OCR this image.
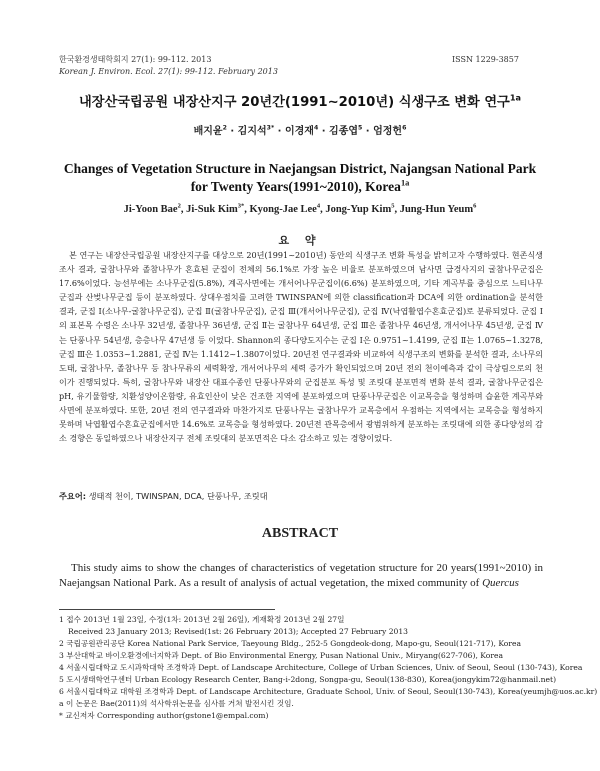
한국환경생태학회지 27(1): 99-112. 2013	ISSN 1229-3857
Korean J. Environ. Ecol. 27(1): 99-112. February 2013
내장산국립공원 내장산지구 20년간(1991∼2010년) 식생구조 변화 연구$^{1a}$
배지윤$^2$ · 김지석$^{3*}$ · 이경재$^4$ · 김종엽$^5$ · 엄정헌$^6$
Changes of Vegetation Structure in Naejangsan District, Najangsan National Park
for Twenty Years(1991~2010), Korea$^{1a}$
Ji-Yoon Bae$^2$, Ji-Suk Kim$^{3*}$, Kyong-Jae Lee$^4$, Jong-Yup Kim$^5$, Jung-Hun Yeum$^6$
요 약
본 연구는 내장산국립공원 내장산지구를 대상으로 20년(1991~2010년) 동안의 식생구조 변화 특성을 밝히고자 수행하였다. 현존식생 조사 결과, 굴참나무와 졸참나무가 혼효된 군집이 전체의 56.1%로 가장 높은 비율로 분포하였으며 남사면 급경사지의 굴참나무군집은 17.6%이었다. 능선부에는 소나무군집(5.8%), 계곡사면에는 개서어나무군집이(6.6%) 분포하였으며, 기타 계곡부를 중심으로 느티나무군집과 산벚나무군집 등이 분포하였다. 상대우점치를 고려한 TWINSPAN에 의한 classification과 DCA에 의한 ordination을 분석한 결과, 군집 Ⅰ(소나무-굴참나무군집), 군집 Ⅱ(굴참나무군집), 군집 Ⅲ(개서어나무군집), 군집 Ⅳ(낙엽활엽수혼효군집)로 분류되었다. 군집 Ⅰ의 표본목 수령은 소나무 32년생, 졸참나무 36년생, 군집 Ⅱ는 굴참나무 64년생, 군집 Ⅲ은 졸참나무 46년생, 개서어나무 45년생, 군집 Ⅳ는 단풍나무 54년생, 층층나무 47년생 등 이었다. Shannon의 종다양도지수는 군집 Ⅰ은 0.9751~1.4199, 군집 Ⅱ는 1.0765~1.3278, 군집 Ⅲ은 1.0353~1.2881, 군집 Ⅳ는 1.1412~1.3807이었다. 20년전 연구결과와 비교하여 식생구조의 변화를 분석한 결과, 소나무의 도태, 굴참나무, 졸참나무 등 참나무류의 세력확장, 개서어나무의 세력 증가가 확인되었으며 20년 전의 천이예측과 같이 극상림으로의 천이가 진행되었다. 특히, 굴참나무와 내장산 대표수종인 단풍나무와의 군집분포 특성 및 조릿대 분포면적 변화 분석 결과, 굴참나무군집은 pH, 유기물함량, 치환성양이온함량, 유효인산이 낮은 건조한 지역에 분포하였으며 단풍나무군집은 이교목층을 형성하며 습윤한 계곡부와 사면에 분포하였다. 또한, 20년 전의 연구결과와 마찬가지로 단풍나무는 굴참나무가 교목층에서 우점하는 지역에서는 교목층을 형성하지 못하며 낙엽활엽수혼효군집에서만 14.6%로 교목층을 형성하였다. 20년전 관목층에서 광범위하게 분포하는 조릿대에 의한 종다양성의 감소 경향은 동일하였으나 내장산지구 전체 조릿대의 분포면적은 다소 감소하고 있는 경향이었다.
주요어: 생태적 천이, TWINSPAN, DCA, 단풍나무, 조릿대
ABSTRACT
This study aims to show the changes of characteristics of vegetation structure for 20 years(1991~2010) in Naejangsan National Park. As a result of analysis of actual vegetation, the mixed community of Quercus
1 접수 2013년 1월 23일, 수정(1차: 2013년 2월 26일), 게재확정 2013년 2월 27일
Received 23 January 2013; Revised(1st: 26 February 2013); Accepted 27 February 2013
2 국립공원관리공단 Korea National Park Service, Taeyoung Bldg., 252-5 Gongdeok-dong, Mapo-gu, Seoul(121-717), Korea
3 부산대학교 바이오환경에너지학과 Dept. of Bio Environmental Energy, Pusan National Univ., Miryang(627-706), Korea
4 서울시립대학교 도시과학대학 조경학과 Dept. of Landscape Architecture, College of Urban Sciences, Univ. of Seoul, Seoul (130-743), Korea
5 도시생태학연구센터 Urban Ecology Research Center, Bang-i-2dong, Songpa-gu, Seoul(138-830), Korea(jongykim72@hanmail.net)
6 서울시립대학교 대학원 조경학과 Dept. of Landscape Architecture, Graduate School, Univ. of Seoul, Seoul(130-743), Korea(yeumjh@uos.ac.kr)
a 이 논문은 Bae(2011)의 석사학위논문을 심사를 거쳐 발전시킨 것임.
* 교신저자 Corresponding author(gstone1@empal.com)
